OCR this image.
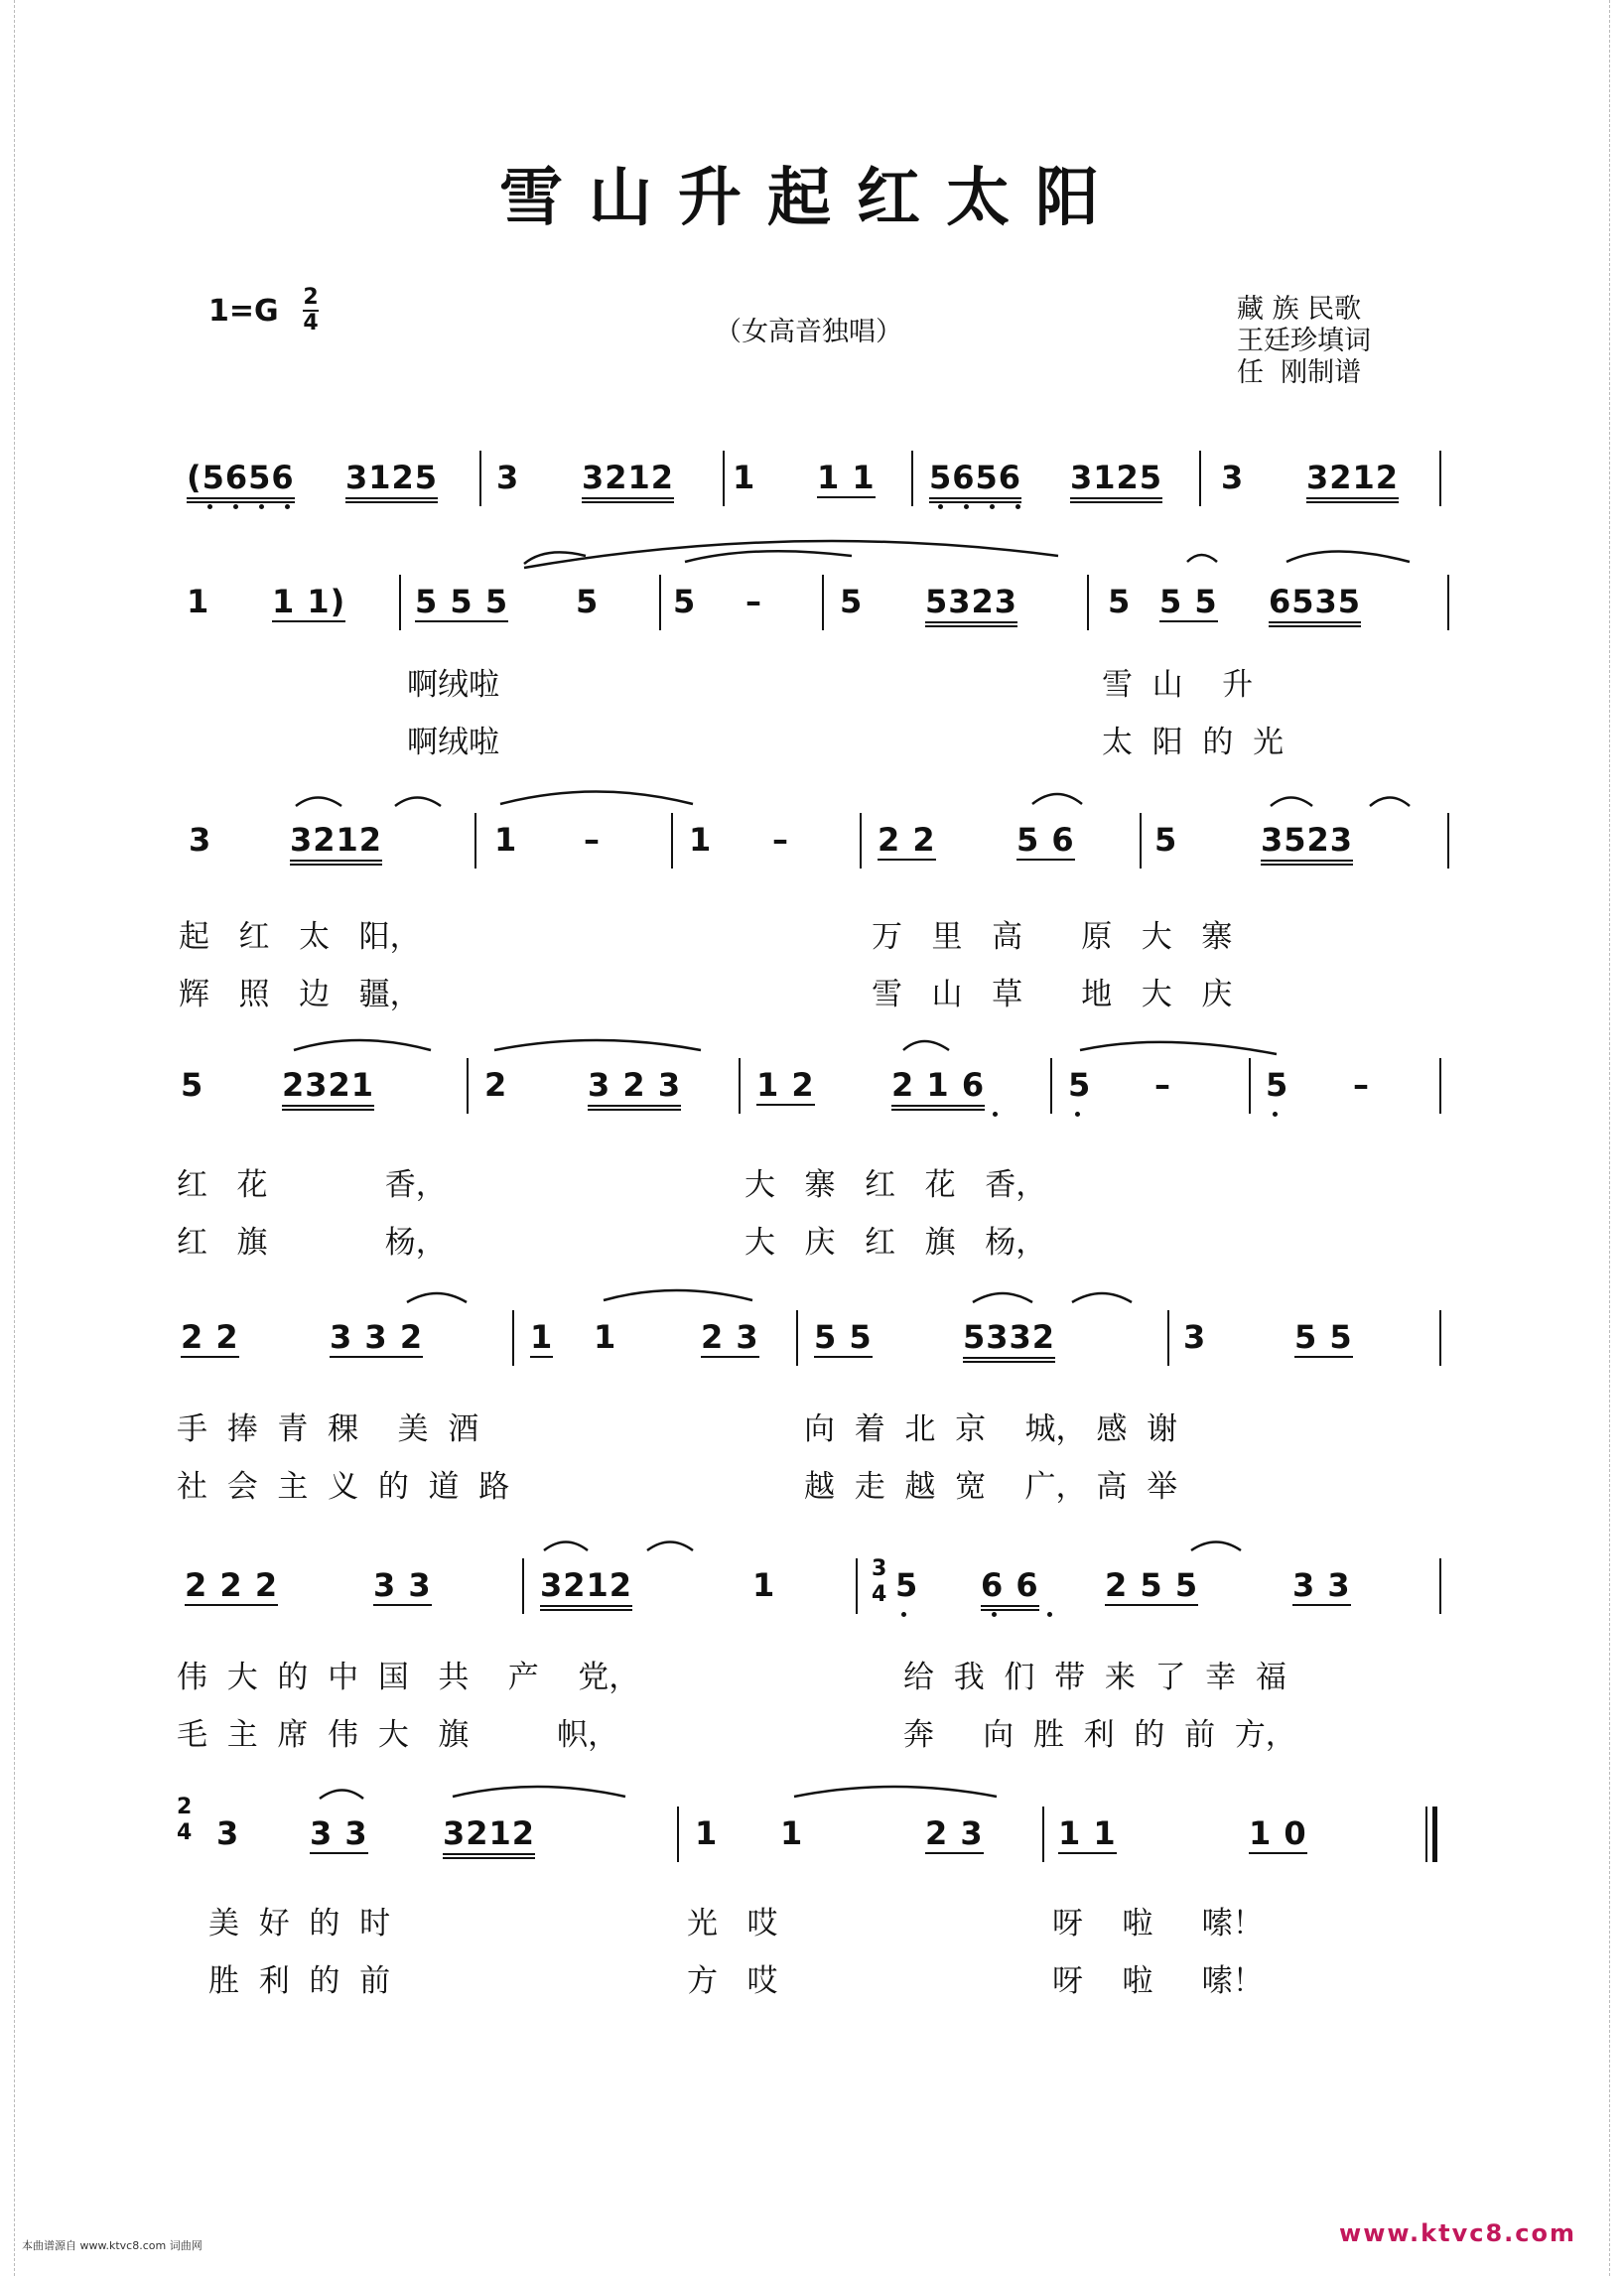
雪山升起红太阳
1=G 2
4	（女高音独唱）
藏 族 民歌
王廷珍填词
任  刚制谱
(5656 3125 3 3212 1 1 1 5656 3125 3 3212
1 1 1) 5 5 5 5 5 – 5 5323	5 5 5 6535
3 3212	1 –	1 –	2 2	5 6	5	3523
5 2321	2	3 2 3 1 2 2 1 6	5 –	5 –
2 2	3 3 2	1 1	2 3 5 5	5332	3	5 5
2 2 2	3 3	3212	1	3
4 5 6 6 2 5 5	3 3
2
4 3 3 3 3212	1 1	2 3 1 1	1 0

啊绒啦

	雪  山    升

啊绒啦

	太  阳  的  光

起   红   太   阳，

	万   里   高      原   大   寨

辉   照   边   疆，

	雪   山   草      地   大   庆

红   花            香，

	大   寨   红   花   香，

红   旗            杨，

	大   庆   红   旗   杨，

手  捧  青  稞    美  酒

	向  着  北  京    城， 感  谢

社  会  主  义  的  道  路

	越  走  越  宽    广， 高  举

伟  大  的  中  国   共    产    党，

	给  我  们  带  来  了  幸  福

毛  主  席  伟  大   旗         帜，

	奔     向  胜  利  的  前  方，

美  好  的  时

	光   哎

	呀    啦     嗦！

胜  利  的  前

	方   哎

	呀    啦     嗦！

本曲谱源自 www.ktvc8.com 词曲网	www.ktvc8.com
